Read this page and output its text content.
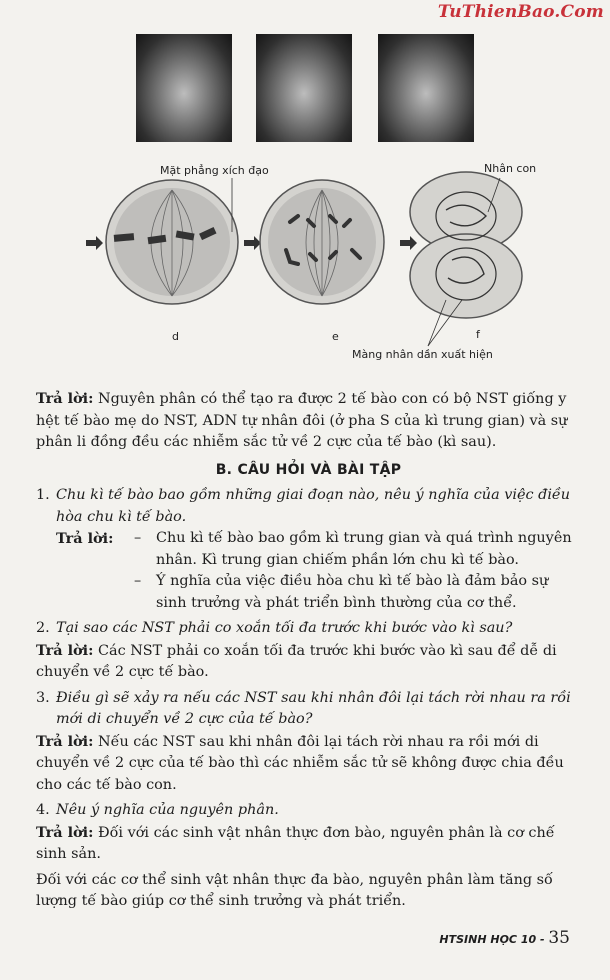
TuThienBao.Com
Mặt phẳng xích đạo	Nhân con
d	e	f
Màng nhân dần xuất hiện

Trả lời: Nguyên phân có thể tạo ra được 2 tế bào con có bộ NST giống y hệt tế bào mẹ do NST, ADN tự nhân đôi (ở pha S của kì trung gian) và sự phân li đồng đều các nhiễm sắc tử về 2 cực của tế bào (kì sau).

B. CÂU HỎI VÀ BÀI TẬP
1. Chu kì tế bào bao gồm những giai đoạn nào, nêu ý nghĩa của việc điều hòa chu kì tế bào.

Trả lời:	–	Chu kì tế bào bao gồm kì trung gian và quá trình nguyên nhân. Kì trung gian chiếm phần lớn chu kì tế bào.
–	Ý nghĩa của việc điều hòa chu kì tế bào là đảm bảo sự sinh trưởng và phát triển bình thường của cơ thể.
2. Tại sao các NST phải co xoắn tối đa trước khi bước vào kì sau?

Trả lời: Các NST phải co xoắn tối đa trước khi bước vào kì sau để dễ di chuyển về 2 cực tế bào.

3. Điều gì sẽ xảy ra nếu các NST sau khi nhân đôi lại tách rời nhau ra rồi mới di chuyển về 2 cực của tế bào?

Trả lời: Nếu các NST sau khi nhân đôi lại tách rời nhau ra rồi mới di chuyển về 2 cực của tế bào thì các nhiễm sắc tử sẽ không được chia đều cho các tế bào con.

4. Nêu ý nghĩa của nguyên phân.

Trả lời: Đối với các sinh vật nhân thực đơn bào, nguyên phân là cơ chế sinh sản.

Đối với các cơ thể sinh vật nhân thực đa bào, nguyên phân làm tăng số lượng tế bào giúp cơ thể sinh trưởng và phát triển.

HTSINH HỌC 10 - 35
